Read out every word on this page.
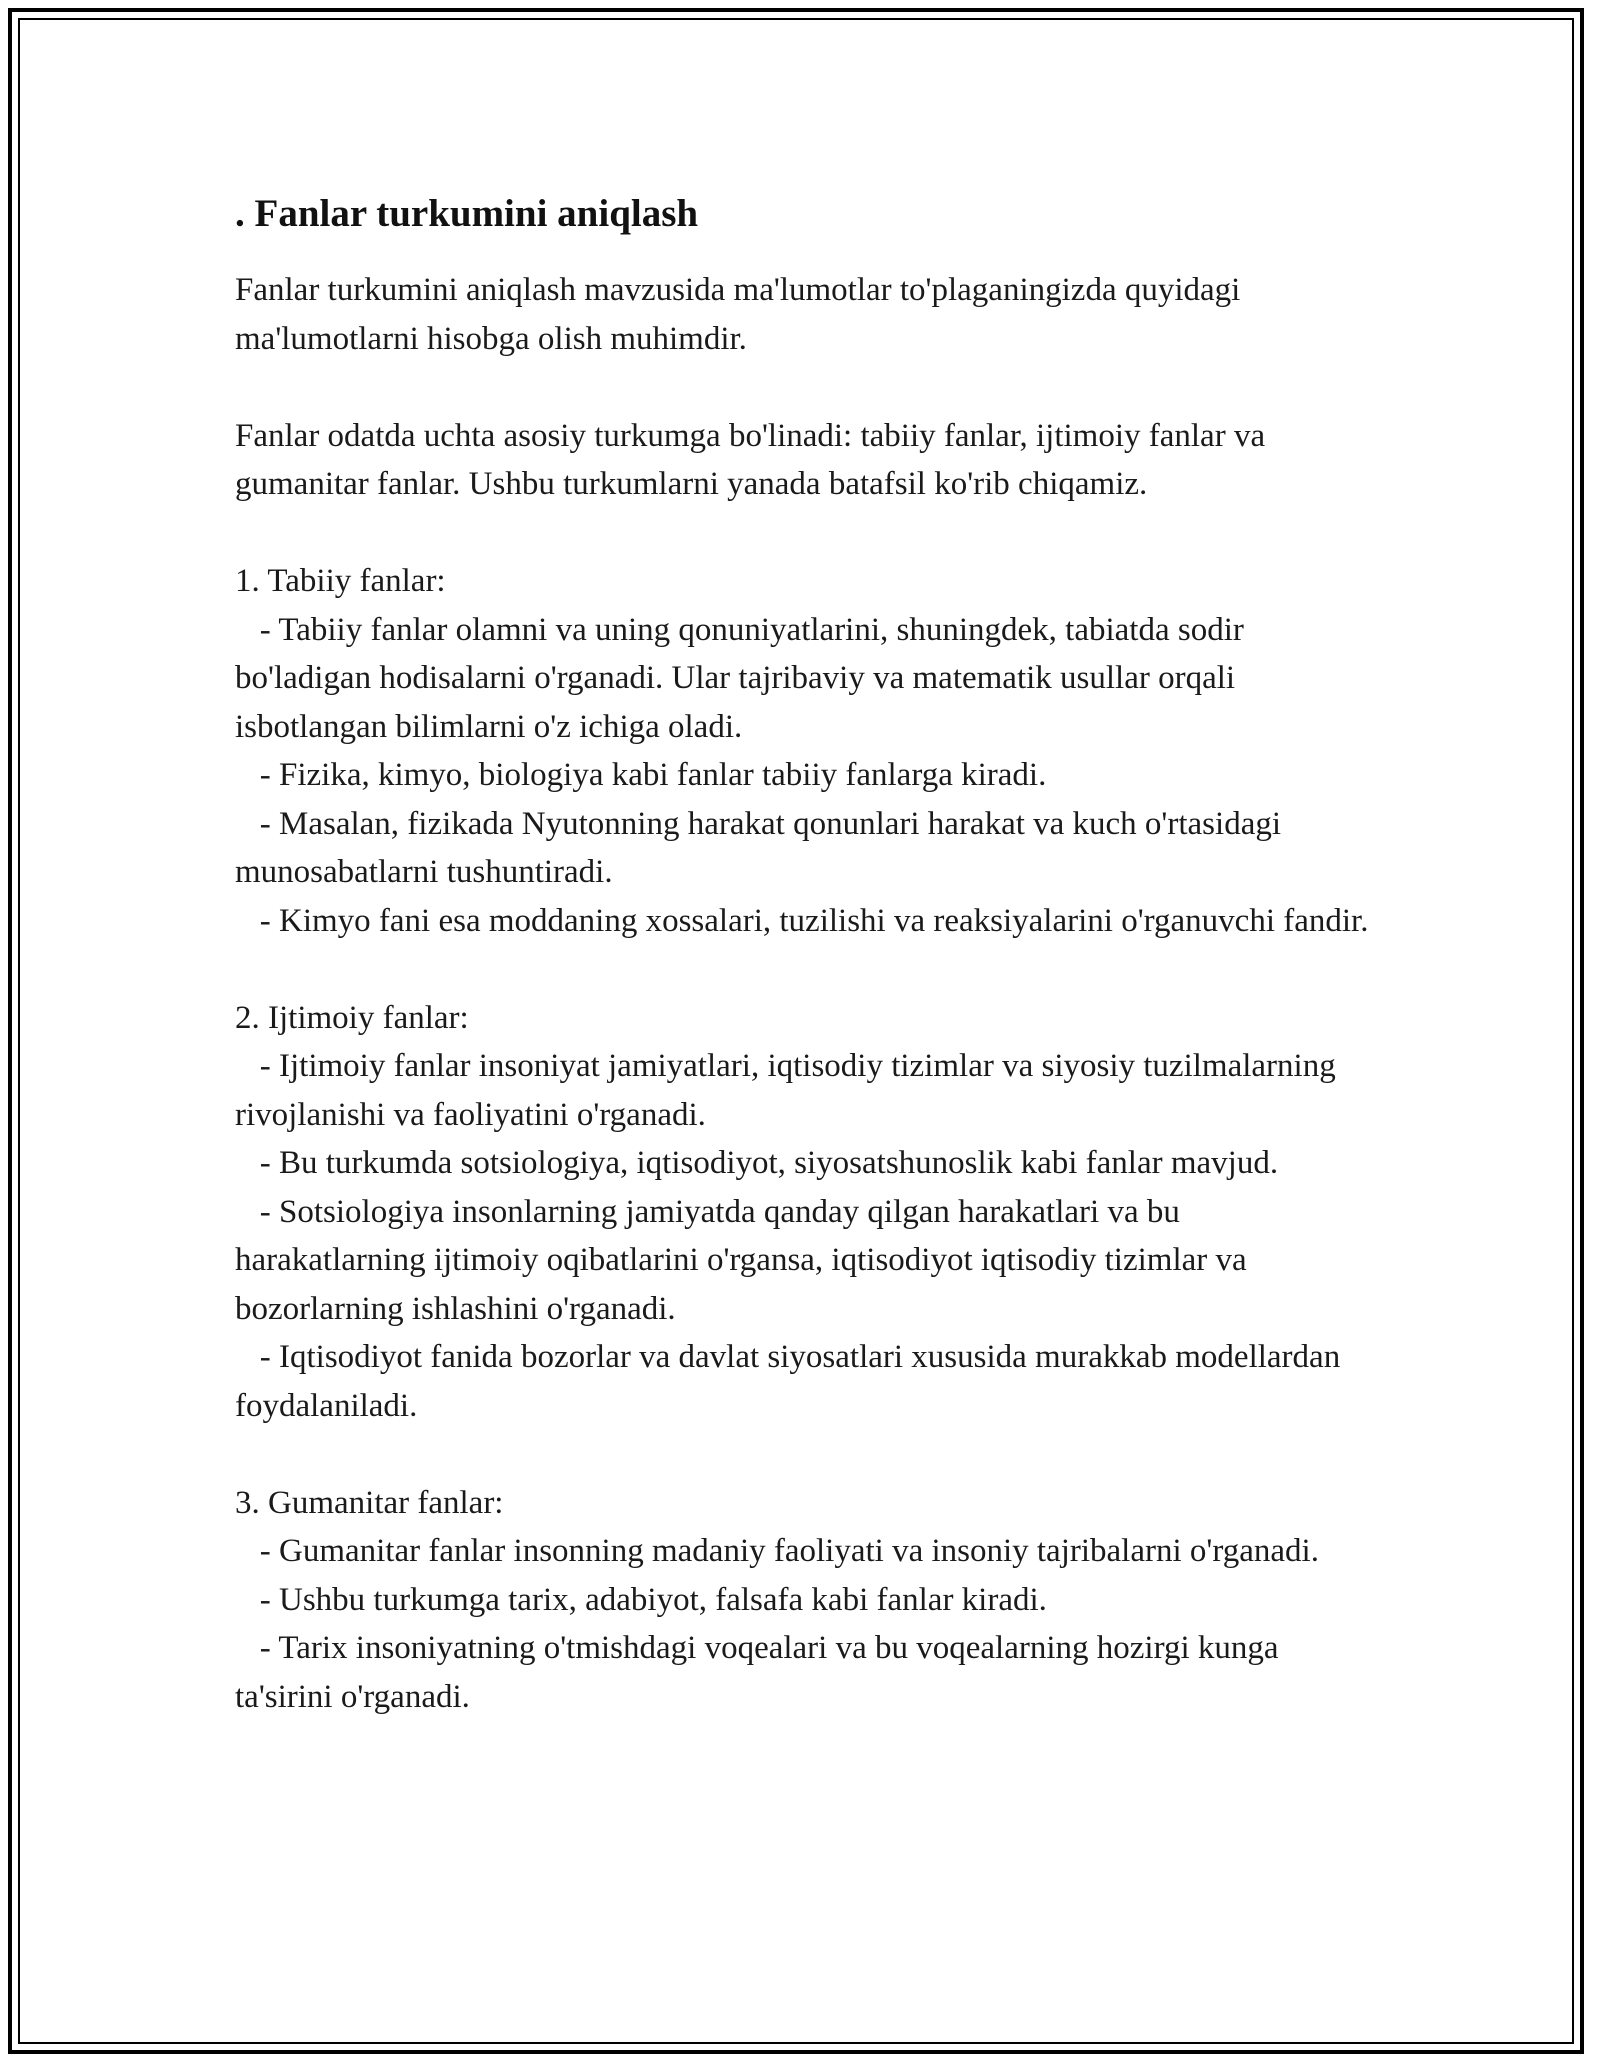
. Fanlar turkumini aniqlash

Fanlar turkumini aniqlash mavzusida ma'lumotlar to'plaganingizda quyidagi ma'lumotlarni hisobga olish muhimdir.

Fanlar odatda uchta asosiy turkumga bo'linadi: tabiiy fanlar, ijtimoiy fanlar va gumanitar fanlar. Ushbu turkumlarni yanada batafsil ko'rib chiqamiz.

1. Tabiiy fanlar:

- Tabiiy fanlar olamni va uning qonuniyatlarini, shuningdek, tabiatda sodir bo'ladigan hodisalarni o'rganadi. Ular tajribaviy va matematik usullar orqali isbotlangan bilimlarni o'z ichiga oladi.

- Fizika, kimyo, biologiya kabi fanlar tabiiy fanlarga kiradi.

- Masalan, fizikada Nyutonning harakat qonunlari harakat va kuch o'rtasidagi munosabatlarni tushuntiradi.

- Kimyo fani esa moddaning xossalari, tuzilishi va reaksiyalarini o'rganuvchi fandir.

2. Ijtimoiy fanlar:

- Ijtimoiy fanlar insoniyat jamiyatlari, iqtisodiy tizimlar va siyosiy tuzilmalarning rivojlanishi va faoliyatini o'rganadi.

- Bu turkumda sotsiologiya, iqtisodiyot, siyosatshunoslik kabi fanlar mavjud.

- Sotsiologiya insonlarning jamiyatda qanday qilgan harakatlari va bu harakatlarning ijtimoiy oqibatlarini o'rgansa, iqtisodiyot iqtisodiy tizimlar va bozorlarning ishlashini o'rganadi.

- Iqtisodiyot fanida bozorlar va davlat siyosatlari xususida murakkab modellardan foydalaniladi.

3. Gumanitar fanlar:

- Gumanitar fanlar insonning madaniy faoliyati va insoniy tajribalarni o'rganadi.

- Ushbu turkumga tarix, adabiyot, falsafa kabi fanlar kiradi.

- Tarix insoniyatning o'tmishdagi voqealari va bu voqealarning hozirgi kunga ta'sirini o'rganadi.
